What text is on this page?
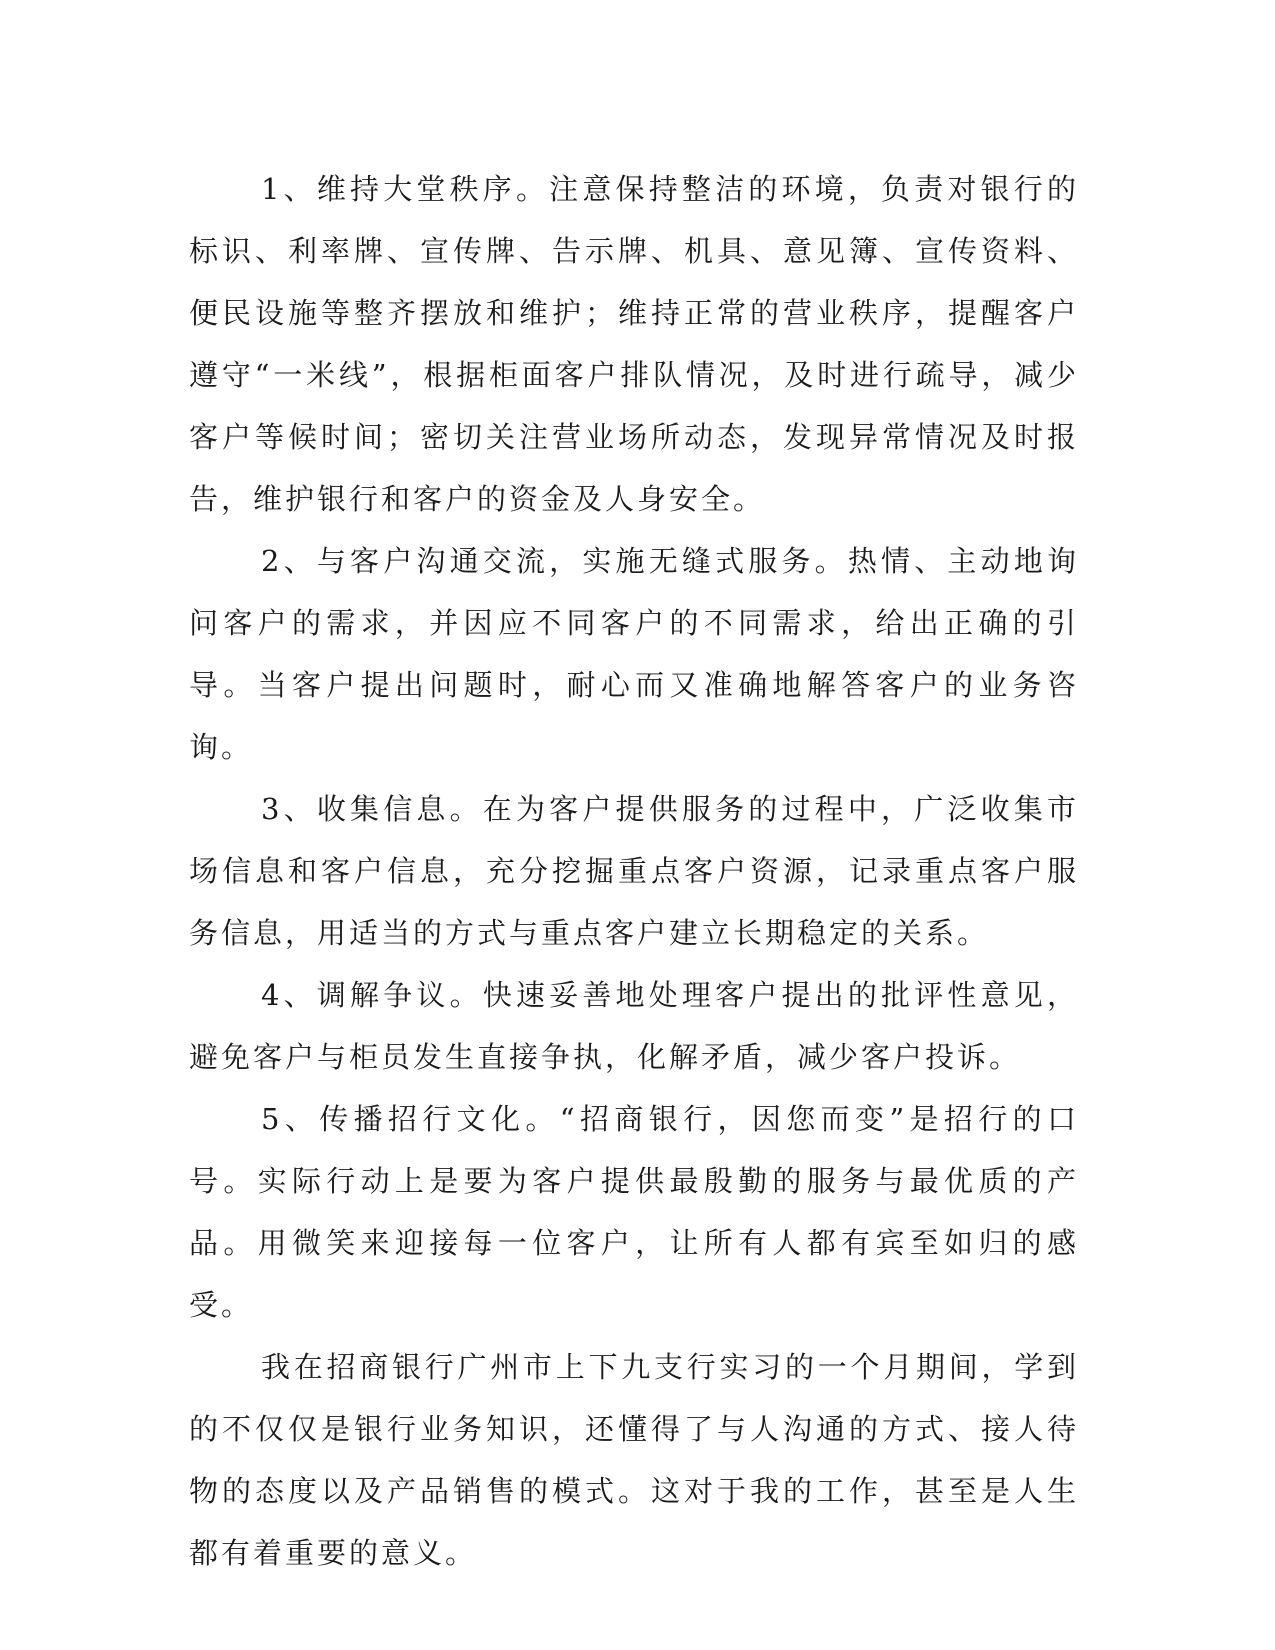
1、维持大堂秩序。注意保持整洁的环境，负责对银行的标识、利率牌、宣传牌、告示牌、机具、意见簿、宣传资料、便民设施等整齐摆放和维护；维持正常的营业秩序，提醒客户遵守“一米线”，根据柜面客户排队情况，及时进行疏导，减少客户等候时间；密切关注营业场所动态，发现异常情况及时报告，维护银行和客户的资金及人身安全。

2、与客户沟通交流，实施无缝式服务。热情、主动地询问客户的需求，并因应不同客户的不同需求，给出正确的引导。当客户提出问题时，耐心而又准确地解答客户的业务咨询。

3、收集信息。在为客户提供服务的过程中，广泛收集市场信息和客户信息，充分挖掘重点客户资源，记录重点客户服务信息，用适当的方式与重点客户建立长期稳定的关系。

4、调解争议。快速妥善地处理客户提出的批评性意见，避免客户与柜员发生直接争执，化解矛盾，减少客户投诉。

5、传播招行文化。“招商银行，因您而变”是招行的口号。实际行动上是要为客户提供最殷勤的服务与最优质的产品。用微笑来迎接每一位客户，让所有人都有宾至如归的感受。

我在招商银行广州市上下九支行实习的一个月期间，学到的不仅仅是银行业务知识，还懂得了与人沟通的方式、接人待物的态度以及产品销售的模式。这对于我的工作，甚至是人生都有着重要的意义。
